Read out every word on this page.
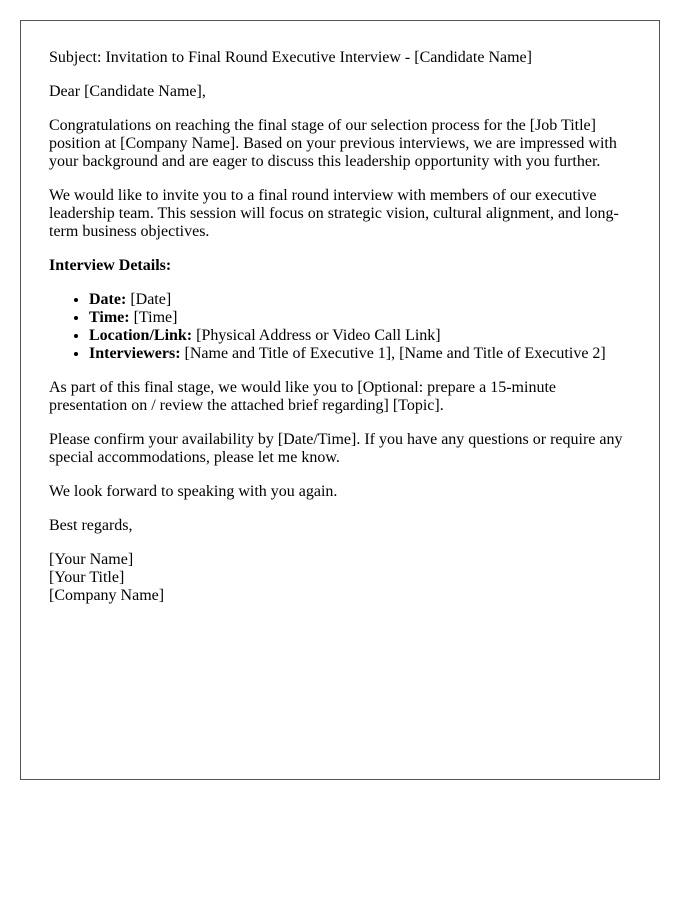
Subject: Invitation to Final Round Executive Interview - [Candidate Name]

Dear [Candidate Name],

Congratulations on reaching the final stage of our selection process for the [Job Title] position at [Company Name]. Based on your previous interviews, we are impressed with your background and are eager to discuss this leadership opportunity with you further.

We would like to invite you to a final round interview with members of our executive leadership team. This session will focus on strategic vision, cultural alignment, and long-term business objectives.

Interview Details:
• Date: [Date]
• Time: [Time]
• Location/Link: [Physical Address or Video Call Link]
• Interviewers: [Name and Title of Executive 1], [Name and Title of Executive 2]

As part of this final stage, we would like you to [Optional: prepare a 15-minute presentation on / review the attached brief regarding] [Topic].

Please confirm your availability by [Date/Time]. If you have any questions or require any special accommodations, please let me know.

We look forward to speaking with you again.

Best regards,

[Your Name]
[Your Title]
[Company Name]
